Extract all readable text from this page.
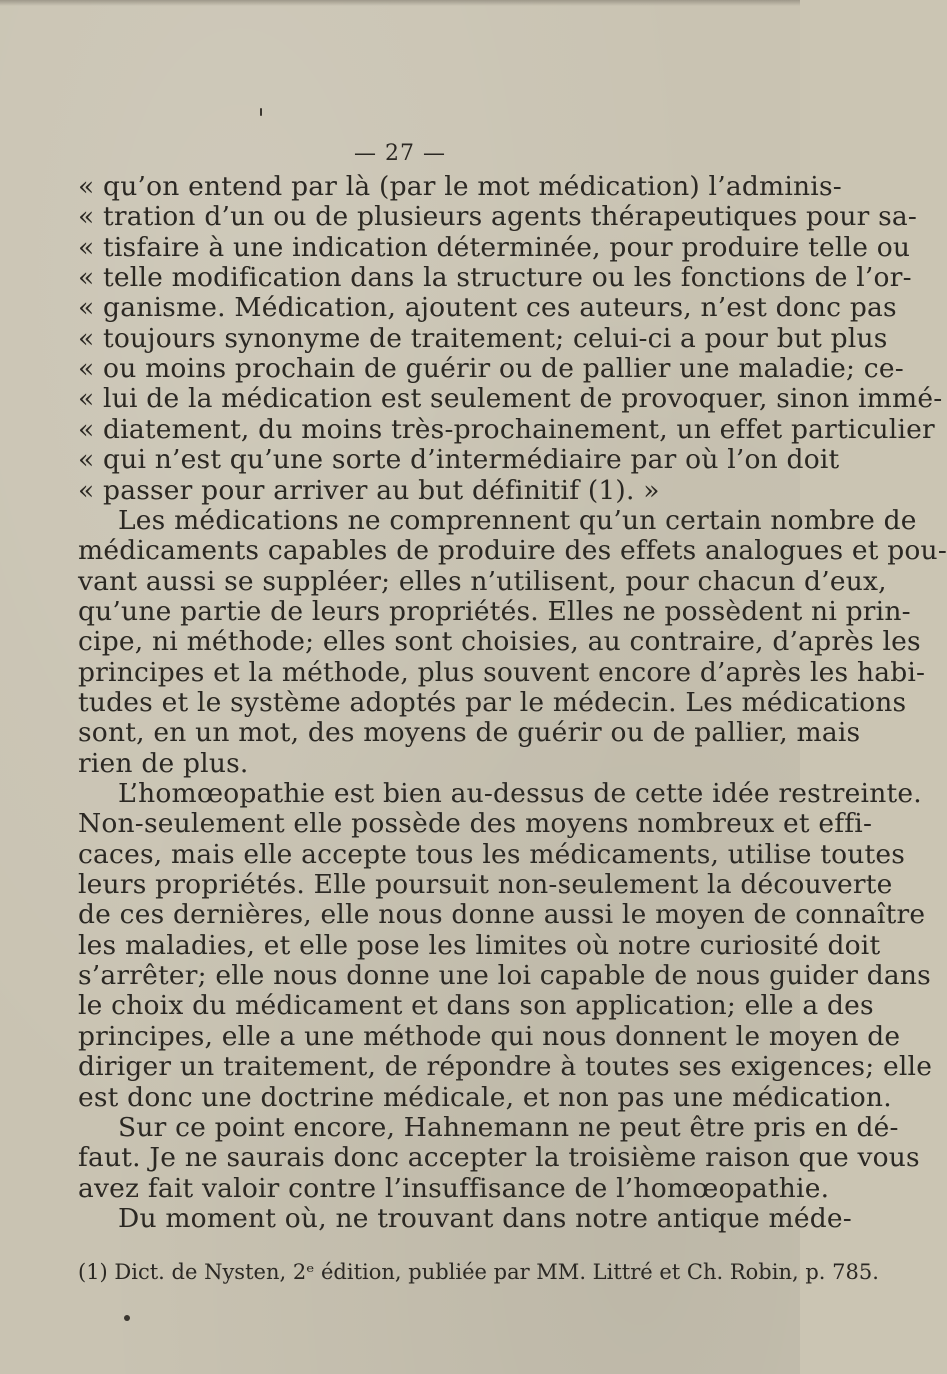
— 27 —
« qu’on entend par là (par le mot médication) l’adminis-
« tration d’un ou de plusieurs agents thérapeutiques pour sa-
« tisfaire à une indication déterminée, pour produire telle ou
« telle modification dans la structure ou les fonctions de l’or-
« ganisme. Médication, ajoutent ces auteurs, n’est donc pas
« toujours synonyme de traitement; celui-ci a pour but plus
« ou moins prochain de guérir ou de pallier une maladie; ce-
« lui de la médication est seulement de provoquer, sinon immé-
« diatement, du moins très-prochainement, un effet particulier
« qui n’est qu’une sorte d’intermédiaire par où l’on doit
« passer pour arriver au but définitif (1). »
Les médications ne comprennent qu’un certain nombre de
médicaments capables de produire des effets analogues et pou-
vant aussi se suppléer; elles n’utilisent, pour chacun d’eux,
qu’une partie de leurs propriétés. Elles ne possèdent ni prin-
cipe, ni méthode; elles sont choisies, au contraire, d’après les
principes et la méthode, plus souvent encore d’après les habi-
tudes et le système adoptés par le médecin. Les médications
sont, en un mot, des moyens de guérir ou de pallier, mais
rien de plus.
L’homœopathie est bien au-dessus de cette idée restreinte.
Non-seulement elle possède des moyens nombreux et effi-
caces, mais elle accepte tous les médicaments, utilise toutes
leurs propriétés. Elle poursuit non-seulement la découverte
de ces dernières, elle nous donne aussi le moyen de connaître
les maladies, et elle pose les limites où notre curiosité doit
s’arrêter; elle nous donne une loi capable de nous guider dans
le choix du médicament et dans son application; elle a des
principes, elle a une méthode qui nous donnent le moyen de
diriger un traitement, de répondre à toutes ses exigences; elle
est donc une doctrine médicale, et non pas une médication.
Sur ce point encore, Hahnemann ne peut être pris en dé-
faut. Je ne saurais donc accepter la troisième raison que vous
avez fait valoir contre l’insuffisance de l’homœopathie.
Du moment où, ne trouvant dans notre antique méde-
(1) Dict. de Nysten, 2ᵉ édition, publiée par MM. Littré et Ch. Robin, p. 785.
